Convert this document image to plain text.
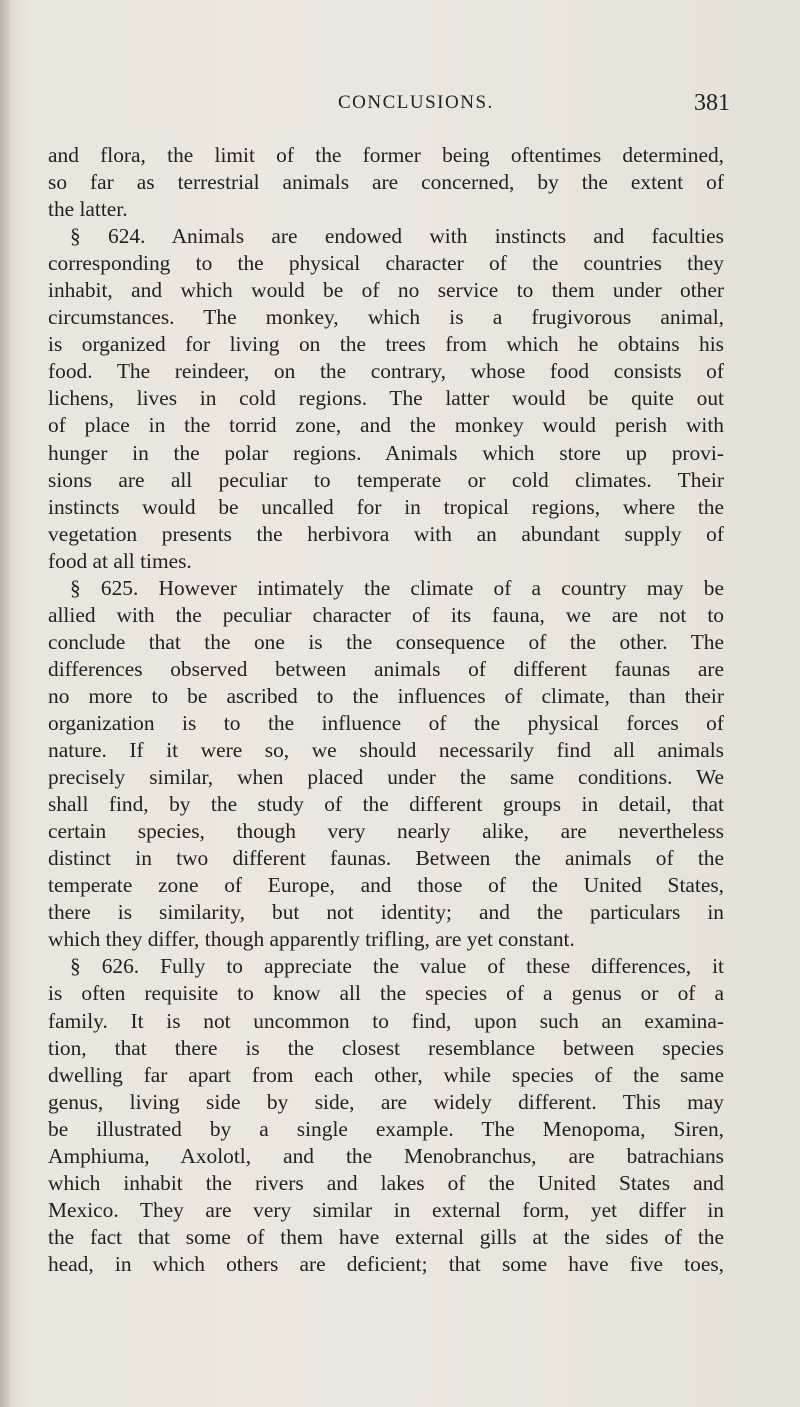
CONCLUSIONS.	381
and flora, the limit of the former being oftentimes determined,
so far as terrestrial animals are concerned, by the extent of
the latter.
§ 624. Animals are endowed with instincts and faculties
corresponding to the physical character of the countries they
inhabit, and which would be of no service to them under other
circumstances. The monkey, which is a frugivorous animal,
is organized for living on the trees from which he obtains his
food. The reindeer, on the contrary, whose food consists of
lichens, lives in cold regions. The latter would be quite out
of place in the torrid zone, and the monkey would perish with
hunger in the polar regions. Animals which store up provi-
sions are all peculiar to temperate or cold climates. Their
instincts would be uncalled for in tropical regions, where the
vegetation presents the herbivora with an abundant supply of
food at all times.
§ 625. However intimately the climate of a country may be
allied with the peculiar character of its fauna, we are not to
conclude that the one is the consequence of the other. The
differences observed between animals of different faunas are
no more to be ascribed to the influences of climate, than their
organization is to the influence of the physical forces of
nature. If it were so, we should necessarily find all animals
precisely similar, when placed under the same conditions. We
shall find, by the study of the different groups in detail, that
certain species, though very nearly alike, are nevertheless
distinct in two different faunas. Between the animals of the
temperate zone of Europe, and those of the United States,
there is similarity, but not identity; and the particulars in
which they differ, though apparently trifling, are yet constant.
§ 626. Fully to appreciate the value of these differences, it
is often requisite to know all the species of a genus or of a
family. It is not uncommon to find, upon such an examina-
tion, that there is the closest resemblance between species
dwelling far apart from each other, while species of the same
genus, living side by side, are widely different. This may
be illustrated by a single example. The Menopoma, Siren,
Amphiuma, Axolotl, and the Menobranchus, are batrachians
which inhabit the rivers and lakes of the United States and
Mexico. They are very similar in external form, yet differ in
the fact that some of them have external gills at the sides of the
head, in which others are deficient; that some have five toes,
